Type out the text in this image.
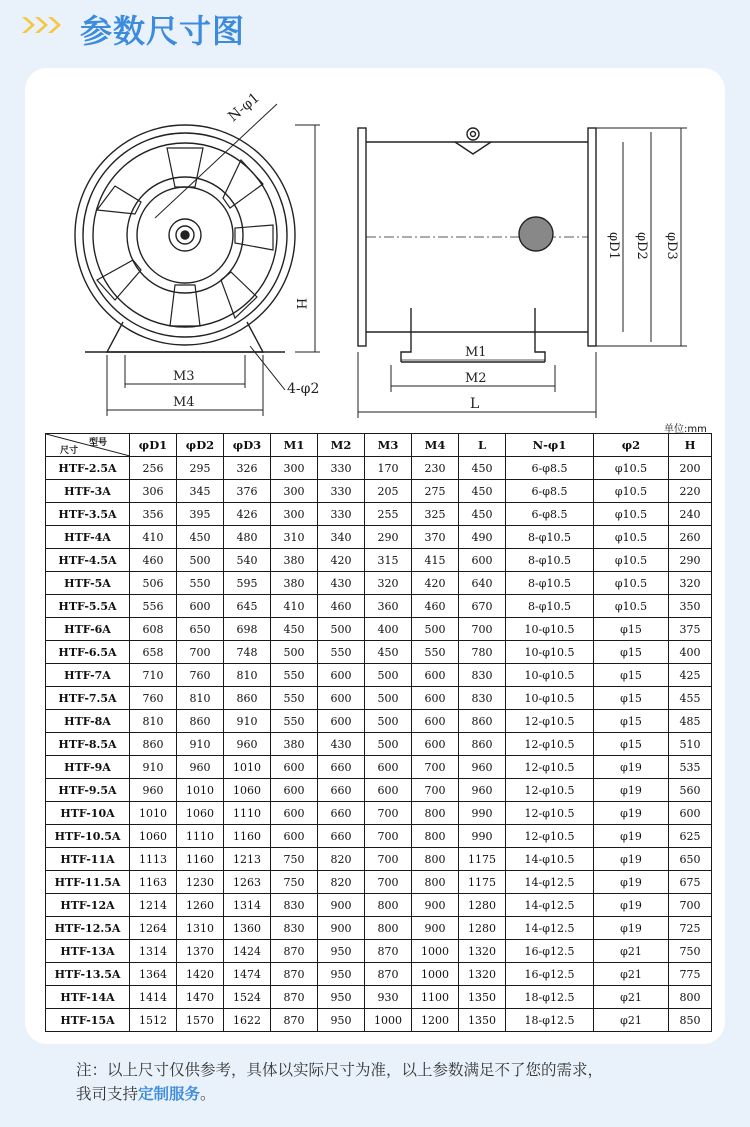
参数尺寸图
H
N-φ1
M3
M4
4-φ2
M1
M2
L
φD1 φD2 φD3
单位:mm
型号
尺寸	φD1	φD2	φD3	M1	M2	M3	M4	L	N-φ1	φ2	H
HTF-2.5A	256	295	326	300	330	170	230	450	6-φ8.5	φ10.5	200
HTF-3A	306	345	376	300	330	205	275	450	6-φ8.5	φ10.5	220
HTF-3.5A	356	395	426	300	330	255	325	450	6-φ8.5	φ10.5	240
HTF-4A	410	450	480	310	340	290	370	490	8-φ10.5	φ10.5	260
HTF-4.5A	460	500	540	380	420	315	415	600	8-φ10.5	φ10.5	290
HTF-5A	506	550	595	380	430	320	420	640	8-φ10.5	φ10.5	320
HTF-5.5A	556	600	645	410	460	360	460	670	8-φ10.5	φ10.5	350
HTF-6A	608	650	698	450	500	400	500	700	10-φ10.5	φ15	375
HTF-6.5A	658	700	748	500	550	450	550	780	10-φ10.5	φ15	400
HTF-7A	710	760	810	550	600	500	600	830	10-φ10.5	φ15	425
HTF-7.5A	760	810	860	550	600	500	600	830	10-φ10.5	φ15	455
HTF-8A	810	860	910	550	600	500	600	860	12-φ10.5	φ15	485
HTF-8.5A	860	910	960	380	430	500	600	860	12-φ10.5	φ15	510
HTF-9A	910	960	1010	600	660	600	700	960	12-φ10.5	φ19	535
HTF-9.5A	960	1010	1060	600	660	600	700	960	12-φ10.5	φ19	560
HTF-10A	1010	1060	1110	600	660	700	800	990	12-φ10.5	φ19	600
HTF-10.5A	1060	1110	1160	600	660	700	800	990	12-φ10.5	φ19	625
HTF-11A	1113	1160	1213	750	820	700	800	1175	14-φ10.5	φ19	650
HTF-11.5A	1163	1230	1263	750	820	700	800	1175	14-φ12.5	φ19	675
HTF-12A	1214	1260	1314	830	900	800	900	1280	14-φ12.5	φ19	700
HTF-12.5A	1264	1310	1360	830	900	800	900	1280	14-φ12.5	φ19	725
HTF-13A	1314	1370	1424	870	950	870	1000	1320	16-φ12.5	φ21	750
HTF-13.5A	1364	1420	1474	870	950	870	1000	1320	16-φ12.5	φ21	775
HTF-14A	1414	1470	1524	870	950	930	1100	1350	18-φ12.5	φ21	800
HTF-15A	1512	1570	1622	870	950	1000	1200	1350	18-φ12.5	φ21	850
注：以上尺寸仅供参考，具体以实际尺寸为准，以上参数满足不了您的需求，
我司支持定制服务。
